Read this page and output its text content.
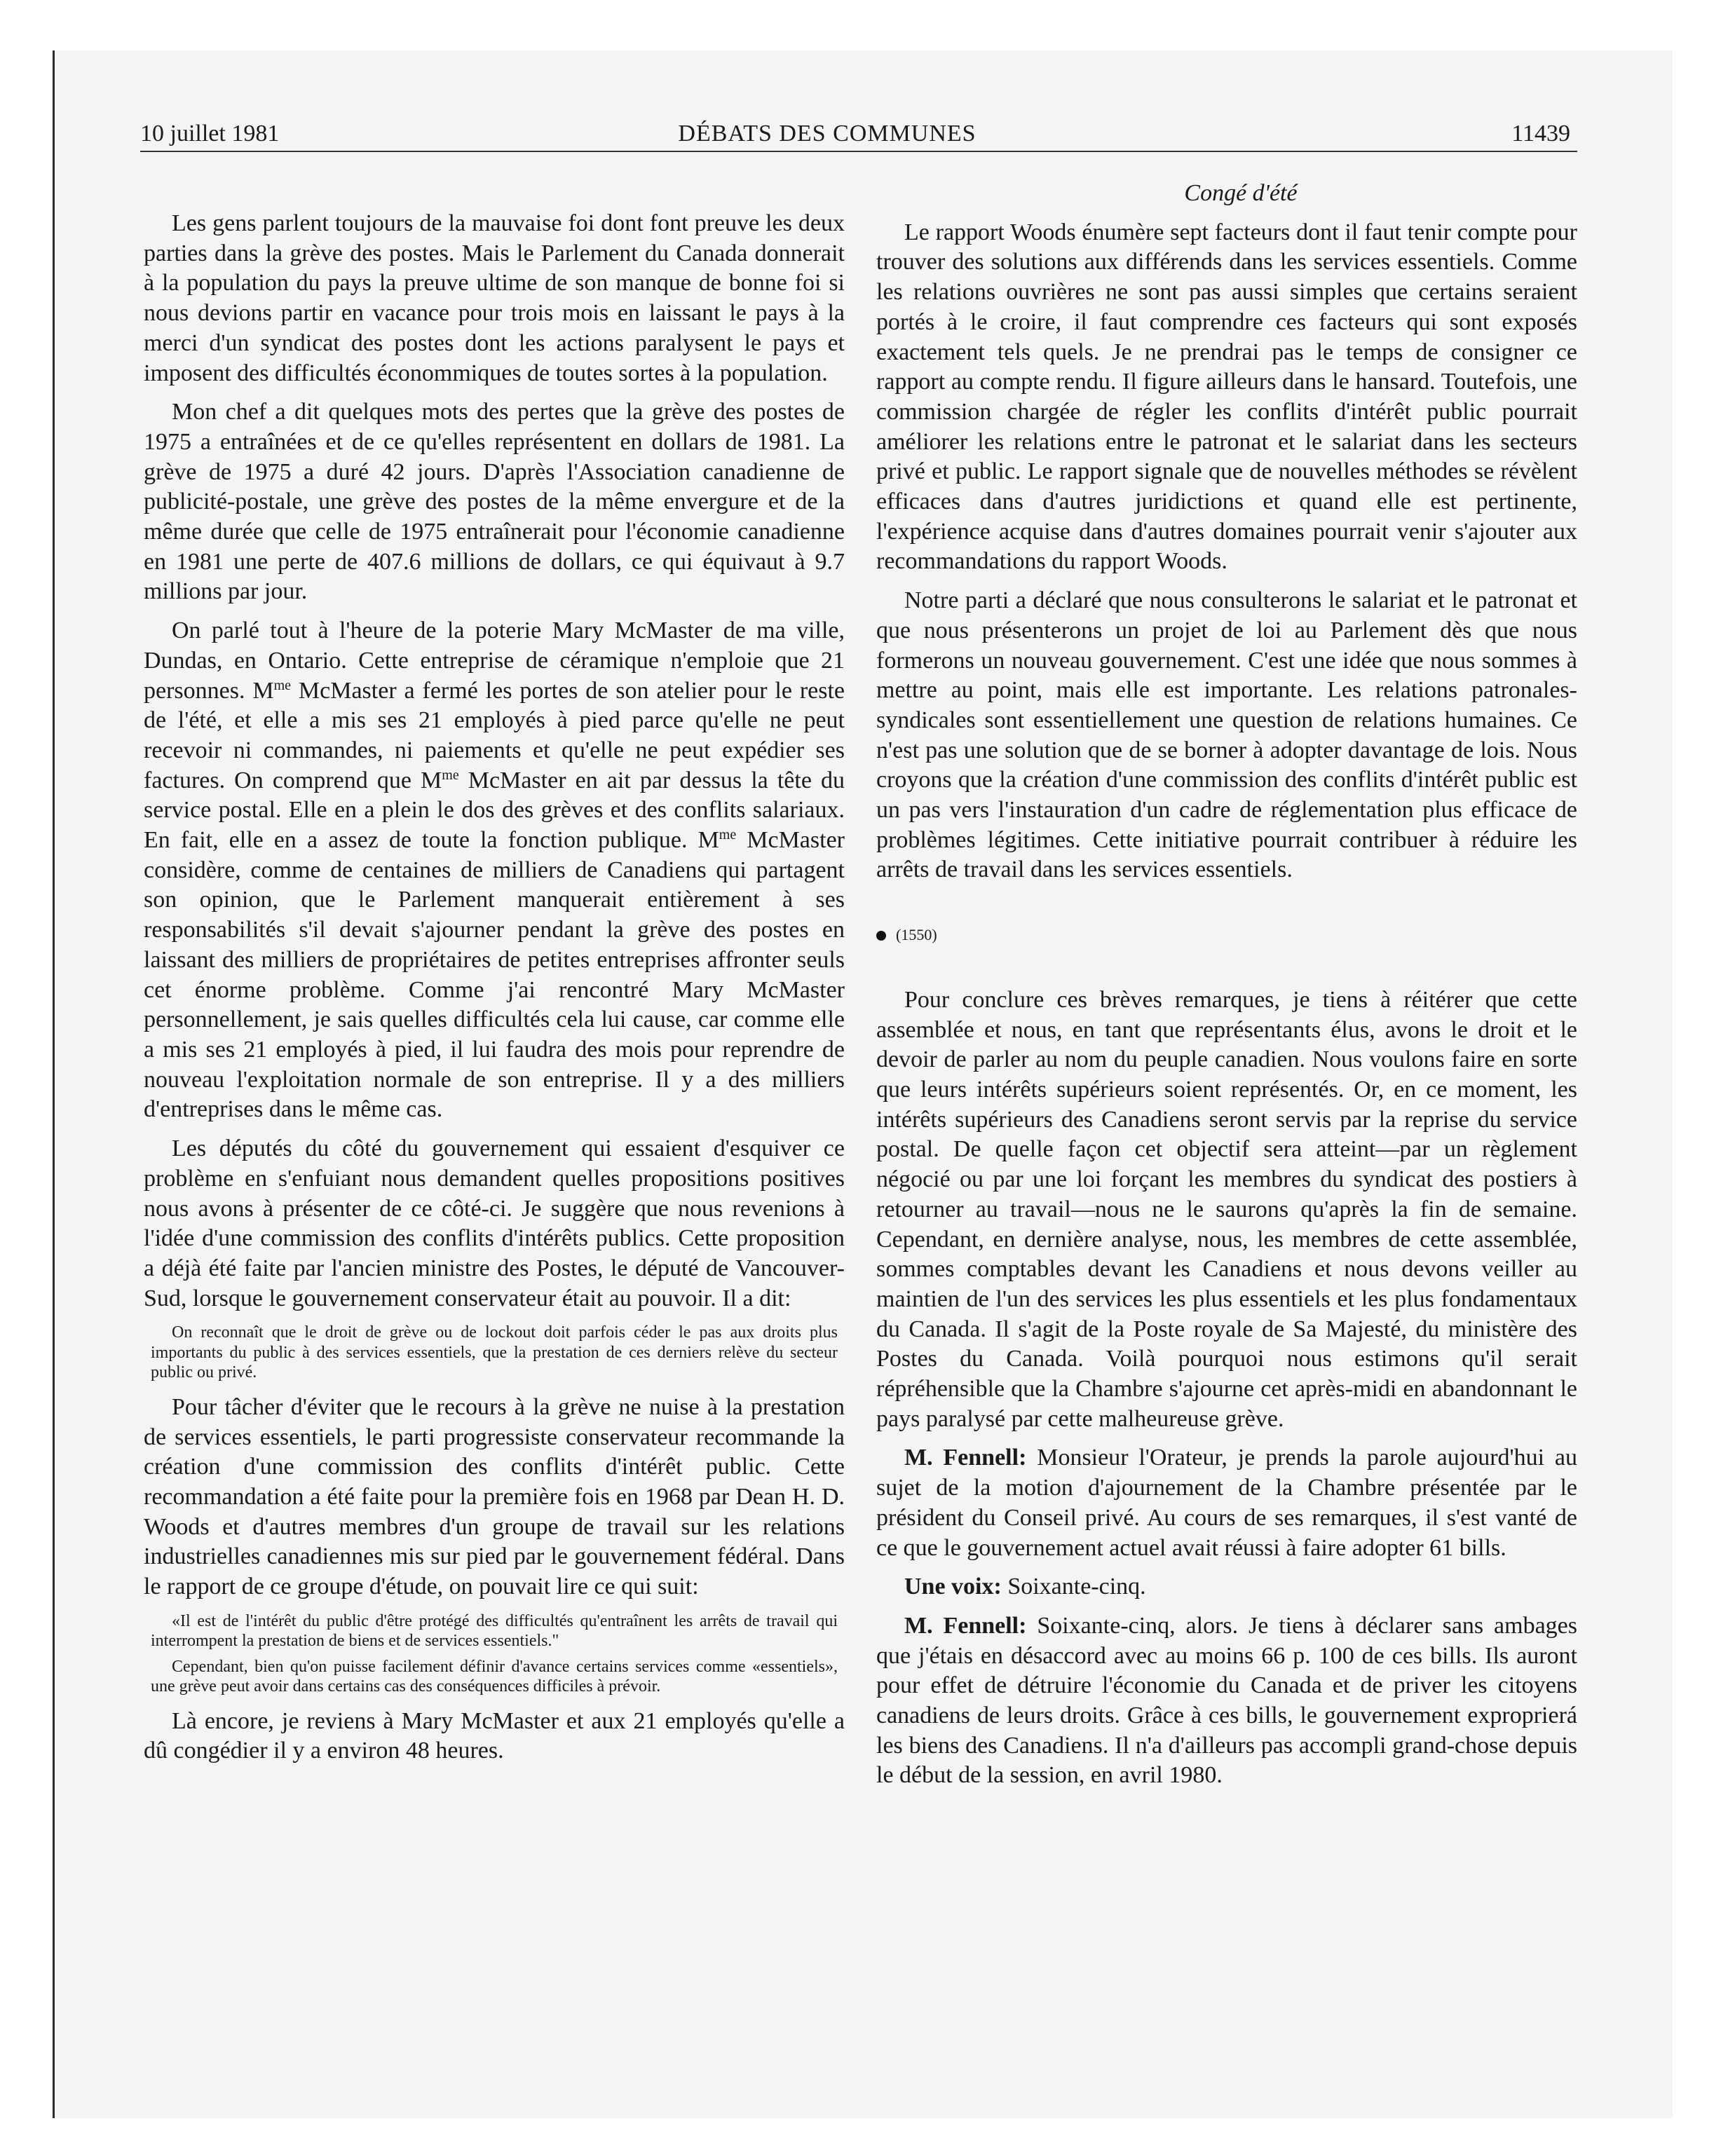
10 juillet 1981	DÉBATS DES COMMUNES	11439

Les gens parlent toujours de la mauvaise foi dont font preuve les deux parties dans la grève des postes. Mais le Parlement du Canada donnerait à la population du pays la preuve ultime de son manque de bonne foi si nous devions partir en vacance pour trois mois en laissant le pays à la merci d'un syndicat des postes dont les actions paralysent le pays et imposent des difficultés économmiques de toutes sortes à la population.

Mon chef a dit quelques mots des pertes que la grève des postes de 1975 a entraînées et de ce qu'elles représentent en dollars de 1981. La grève de 1975 a duré 42 jours. D'après l'Association canadienne de publicité-postale, une grève des postes de la même envergure et de la même durée que celle de 1975 entraînerait pour l'économie canadienne en 1981 une perte de 407.6 millions de dollars, ce qui équivaut à 9.7 millions par jour.

On parlé tout à l'heure de la poterie Mary McMaster de ma ville, Dundas, en Ontario. Cette entreprise de céramique n'emploie que 21 personnes. $M^{me}$ McMaster a fermé les portes de son atelier pour le reste de l'été, et elle a mis ses 21 employés à pied parce qu'elle ne peut recevoir ni commandes, ni paiements et qu'elle ne peut expédier ses factures. On comprend que $M^{me}$ McMaster en ait par dessus la tête du service postal. Elle en a plein le dos des grèves et des conflits salariaux. En fait, elle en a assez de toute la fonction publique. $M^{me}$ McMaster considère, comme de centaines de milliers de Canadiens qui partagent son opinion, que le Parlement manquerait entièrement à ses responsabilités s'il devait s'ajourner pendant la grève des postes en laissant des milliers de propriétaires de petites entreprises affronter seuls cet énorme problème. Comme j'ai rencontré Mary McMaster personnellement, je sais quelles difficultés cela lui cause, car comme elle a mis ses 21 employés à pied, il lui faudra des mois pour reprendre de nouveau l'exploitation normale de son entreprise. Il y a des milliers d'entreprises dans le même cas.

Les députés du côté du gouvernement qui essaient d'esquiver ce problème en s'enfuiant nous demandent quelles propositions positives nous avons à présenter de ce côté-ci. Je suggère que nous revenions à l'idée d'une commission des conflits d'intérêts publics. Cette proposition a déjà été faite par l'ancien ministre des Postes, le député de Vancouver-Sud, lorsque le gouvernement conservateur était au pouvoir. Il a dit:

On reconnaît que le droit de grève ou de lockout doit parfois céder le pas aux droits plus importants du public à des services essentiels, que la prestation de ces derniers relève du secteur public ou privé.

Pour tâcher d'éviter que le recours à la grève ne nuise à la prestation de services essentiels, le parti progressiste conservateur recommande la création d'une commission des conflits d'intérêt public. Cette recommandation a été faite pour la première fois en 1968 par Dean H. D. Woods et d'autres membres d'un groupe de travail sur les relations industrielles canadiennes mis sur pied par le gouvernement fédéral. Dans le rapport de ce groupe d'étude, on pouvait lire ce qui suit:

«Il est de l'intérêt du public d'être protégé des difficultés qu'entraînent les arrêts de travail qui interrompent la prestation de biens et de services essentiels."

Cependant, bien qu'on puisse facilement définir d'avance certains services comme «essentiels», une grève peut avoir dans certains cas des conséquences difficiles à prévoir.

Là encore, je reviens à Mary McMaster et aux 21 employés qu'elle a dû congédier il y a environ 48 heures.

Congé d'été

Le rapport Woods énumère sept facteurs dont il faut tenir compte pour trouver des solutions aux différends dans les services essentiels. Comme les relations ouvrières ne sont pas aussi simples que certains seraient portés à le croire, il faut comprendre ces facteurs qui sont exposés exactement tels quels. Je ne prendrai pas le temps de consigner ce rapport au compte rendu. Il figure ailleurs dans le hansard. Toutefois, une commission chargée de régler les conflits d'intérêt public pourrait améliorer les relations entre le patronat et le salariat dans les secteurs privé et public. Le rapport signale que de nouvelles méthodes se révèlent efficaces dans d'autres juridictions et quand elle est pertinente, l'expérience acquise dans d'autres domaines pourrait venir s'ajouter aux recommandations du rapport Woods.

Notre parti a déclaré que nous consulterons le salariat et le patronat et que nous présenterons un projet de loi au Parlement dès que nous formerons un nouveau gouvernement. C'est une idée que nous sommes à mettre au point, mais elle est importante. Les relations patronales-syndicales sont essentiellement une question de relations humaines. Ce n'est pas une solution que de se borner à adopter davantage de lois. Nous croyons que la création d'une commission des conflits d'intérêt public est un pas vers l'instauration d'un cadre de réglementation plus efficace de problèmes légitimes. Cette initiative pourrait contribuer à réduire les arrêts de travail dans les services essentiels.

(1550)

Pour conclure ces brèves remarques, je tiens à réitérer que cette assemblée et nous, en tant que représentants élus, avons le droit et le devoir de parler au nom du peuple canadien. Nous voulons faire en sorte que leurs intérêts supérieurs soient représentés. Or, en ce moment, les intérêts supérieurs des Canadiens seront servis par la reprise du service postal. De quelle façon cet objectif sera atteint—par un règlement négocié ou par une loi forçant les membres du syndicat des postiers à retourner au travail—nous ne le saurons qu'après la fin de semaine. Cependant, en dernière analyse, nous, les membres de cette assemblée, sommes comptables devant les Canadiens et nous devons veiller au maintien de l'un des services les plus essentiels et les plus fondamentaux du Canada. Il s'agit de la Poste royale de Sa Majesté, du ministère des Postes du Canada. Voilà pourquoi nous estimons qu'il serait répréhensible que la Chambre s'ajourne cet après-midi en abandonnant le pays paralysé par cette malheureuse grève.

M. Fennell: Monsieur l'Orateur, je prends la parole aujourd'hui au sujet de la motion d'ajournement de la Chambre présentée par le président du Conseil privé. Au cours de ses remarques, il s'est vanté de ce que le gouvernement actuel avait réussi à faire adopter 61 bills.

Une voix: Soixante-cinq.

M. Fennell: Soixante-cinq, alors. Je tiens à déclarer sans ambages que j'étais en désaccord avec au moins 66 p. 100 de ces bills. Ils auront pour effet de détruire l'économie du Canada et de priver les citoyens canadiens de leurs droits. Grâce à ces bills, le gouvernement exproprierá les biens des Canadiens. Il n'a d'ailleurs pas accompli grand-chose depuis le début de la session, en avril 1980.
